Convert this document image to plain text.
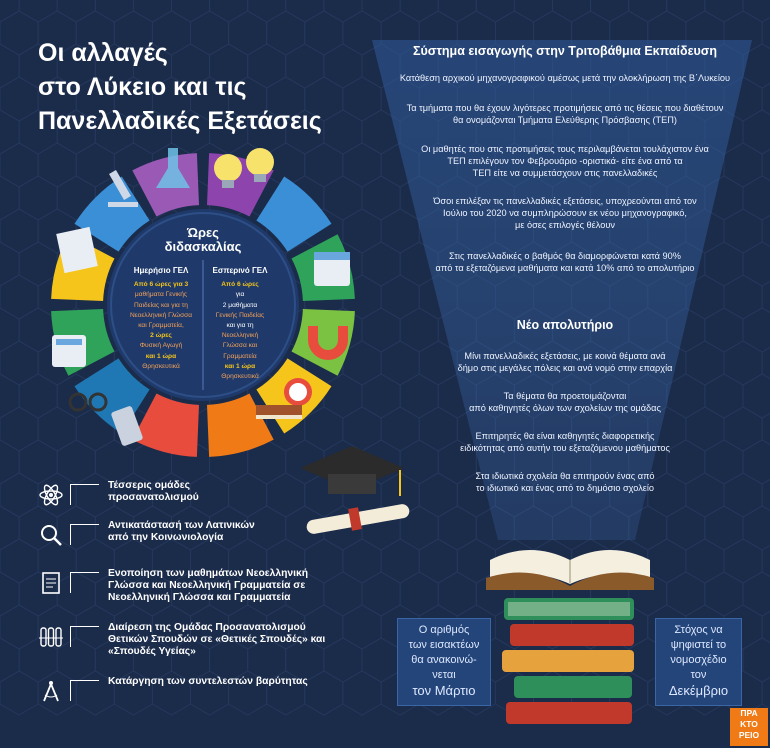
Οι αλλαγές
στο Λύκειο και τις
Πανελλαδικές Εξετάσεις
Σύστημα εισαγωγής στην Τριτοβάθμια Εκπαίδευση
Κατάθεση αρχικού μηχανογραφικού αμέσως μετά την ολοκλήρωση της Β΄Λυκείου
Τα τμήματα που θα έχουν λιγότερες προτιμήσεις από τις θέσεις που διαθέτουν
θα ονομάζονται Τμήματα Ελεύθερης Πρόσβασης (ΤΕΠ)
Οι μαθητές που στις προτιμήσεις τους περιλαμβάνεται τουλάχιστον ένα
ΤΕΠ επιλέγουν τον Φεβρουάριο -οριστικά- είτε ένα από τα
ΤΕΠ είτε να συμμετάσχουν στις πανελλαδικές
Όσοι επιλέξαν τις πανελλαδικές εξετάσεις, υποχρεούνται από τον
Ιούλιο του 2020 να συμπληρώσουν εκ νέου μηχανογραφικό,
με όσες επιλογές θέλουν
Στις πανελλαδικές ο βαθμός θα διαμορφώνεται κατά 90%
από τα εξεταζόμενα μαθήματα και κατά 10% από το απολυτήριο
Νέο απολυτήριο
Μίνι πανελλαδικές εξετάσεις, με κοινά θέματα ανά
δήμο στις μεγάλες πόλεις και ανά νομό στην επαρχία
Τα θέματα θα προετοιμάζονται
από καθηγητές όλων των σχολείων της ομάδας
Επιτηρητές θα είναι καθηγητές διαφορετικής
ειδικότητας από αυτήν του εξεταζόμενου μαθήματος
Στα ιδιωτικά σχολεία θα επιτηρούν ένας από
το ιδιωτικό και ένας από το δημόσιο σχολείο
Ώρες
διδασκαλίας
Ημερήσιο ΓΕΛ
Από 6 ώρες για 3
μαθήματα Γενικής
Παιδείας και για τη
Νεοελληνική Γλώσσα
και Γραμματεία,
2 ώρες
Φυσική Αγωγή
και 1 ώρα
Θρησκευτικά
Εσπερινό ΓΕΛ
Από 6 ώρες
για
2 μαθήματα
Γενικής Παιδείας
και για τη
Νεοελληνική
Γλώσσα και
Γραμματεία
και 1 ώρα
Θρησκευτικά
Τέσσερις ομάδες
προσανατολισμού
Αντικατάστασή των Λατινικών
από την Κοινωνιολογία
Ενοποίηση των μαθημάτων Νεοελληνική
Γλώσσα και Νεοελληνική Γραμματεία σε
Νεοελληνική Γλώσσα και Γραμματεία
Διαίρεση της Ομάδας Προσανατολισμού
Θετικών Σπουδών σε «Θετικές Σπουδές» και
«Σπουδές Υγείας»
Κατάργηση των συντελεστών βαρύτητας
Ο αριθμός
των εισακτέων
θα ανακοινώ-
νεται
τον Μάρτιο
Στόχος να
ψηφιστεί το
νομοσχέδιο
τον
Δεκέμβριο
ΠΡΑ
ΚΤΟ
ΡΕΙΟ
